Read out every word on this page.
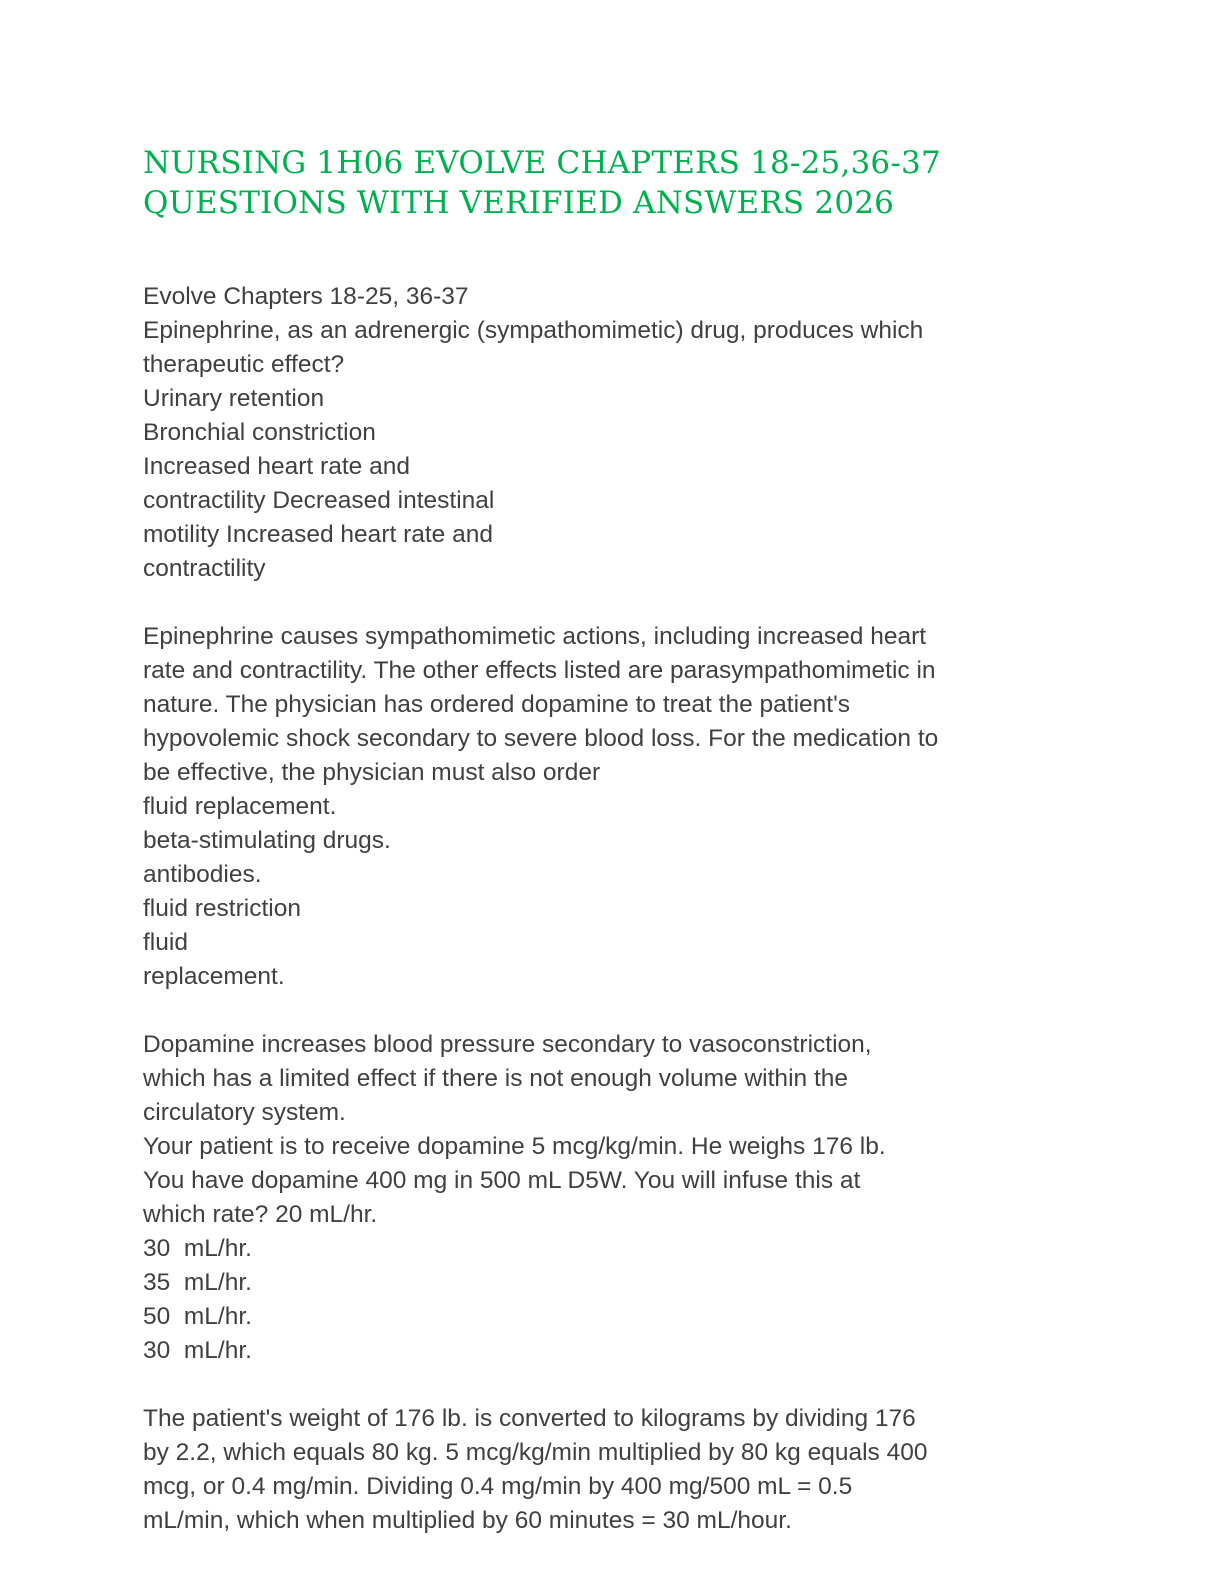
NURSING 1H06 EVOLVE CHAPTERS 18-25,36-37
QUESTIONS WITH VERIFIED ANSWERS 2026
Evolve Chapters 18-25, 36-37
Epinephrine, as an adrenergic (sympathomimetic) drug, produces which
therapeutic effect?
Urinary retention
Bronchial constriction
Increased heart rate and
contractility Decreased intestinal
motility Increased heart rate and
contractility
Epinephrine causes sympathomimetic actions, including increased heart
rate and contractility. The other effects listed are parasympathomimetic in
nature. The physician has ordered dopamine to treat the patient's
hypovolemic shock secondary to severe blood loss. For the medication to
be effective, the physician must also order
fluid replacement.
beta-stimulating drugs.
antibodies.
fluid restriction
fluid
replacement.
Dopamine increases blood pressure secondary to vasoconstriction,
which has a limited effect if there is not enough volume within the
circulatory system.
Your patient is to receive dopamine 5 mcg/kg/min. He weighs 176 lb.
You have dopamine 400 mg in 500 mL D5W. You will infuse this at
which rate? 20 mL/hr.
30  mL/hr.
35  mL/hr.
50  mL/hr.
30  mL/hr.
The patient's weight of 176 lb. is converted to kilograms by dividing 176
by 2.2, which equals 80 kg. 5 mcg/kg/min multiplied by 80 kg equals 400
mcg, or 0.4 mg/min. Dividing 0.4 mg/min by 400 mg/500 mL = 0.5
mL/min, which when multiplied by 60 minutes = 30 mL/hour.
